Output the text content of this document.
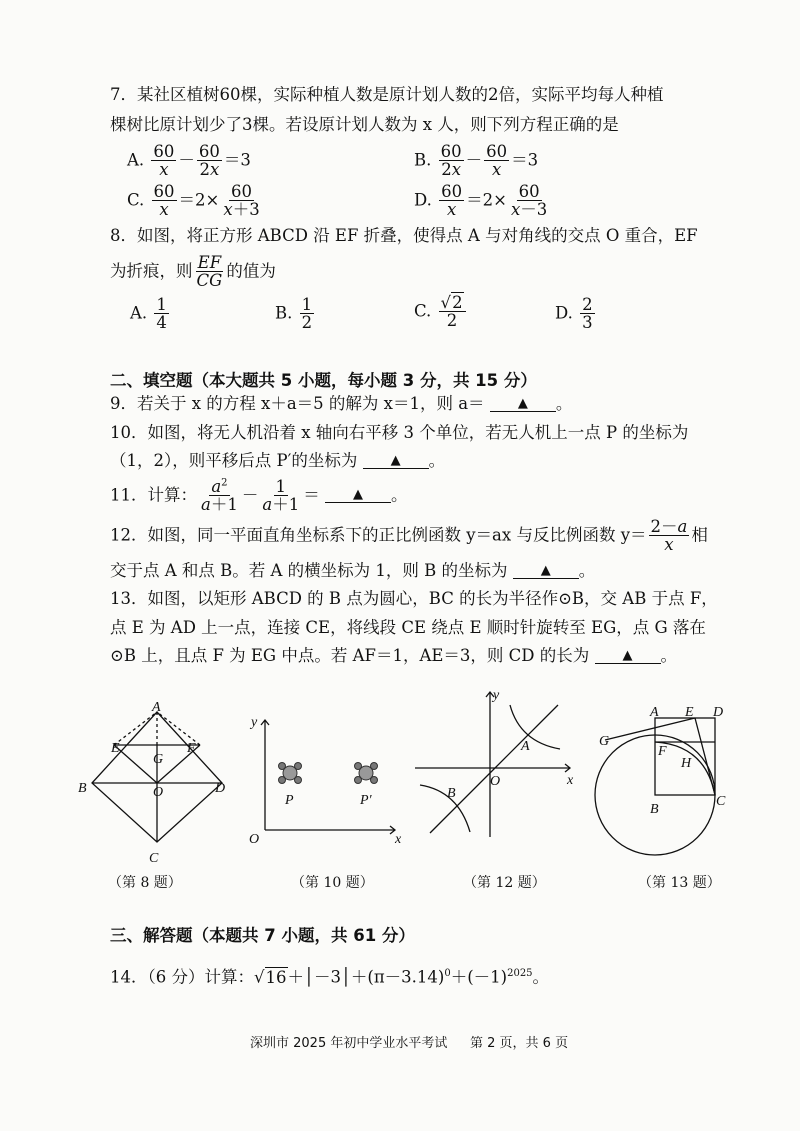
7．某社区植树60棵，实际种植人数是原计划人数的2倍，实际平均每人种植
棵树比原计划少了3棵。若设原计划人数为 x 人，则下列方程正确的是
A. $\frac{60}{x} - \frac{60}{2x} =3$	B. $\frac{60}{2x} - \frac{60}{x} =3$
C. $\frac{60}{x} =2\times \frac{60}{x+3}$	D. $\frac{60}{x} =2\times \frac{60}{x-3}$
8．如图，将正方形 ABCD 沿 EF 折叠，使得点 A 与对角线的交点 O 重合，EF
为折痕，则 $\frac{EF}{CG}$ 的值为
A. $\frac{1}{4}$	B. $\frac{1}{2}$	C. $\frac{√2}{2}$	D. $\frac{2}{3}$
二、填空题（本大题共 5 小题，每小题 3 分，共 15 分）
9．若关于 x 的方程 x＋a＝5 的解为 x＝1，则 a＝	▲ 。
10．如图，将无人机沿着 x 轴向右平移 3 个单位，若无人机上一点 P 的坐标为
（1，2），则平移后点 P′的坐标为	▲ 。
11．计算： $\frac{a^2}{a+1} - \frac{1}{a+1}$ ＝	▲ 。
12．如图，同一平面直角坐标系下的正比例函数 y＝ax 与反比例函数 $y= \frac{2-a}{x}$ 相
交于点 A 和点 B。若 A 的横坐标为 1，则 B 的坐标为	▲ 。
13．如图，以矩形 ABCD 的 B 点为圆心，BC 的长为半径作⊙B，交 AB 于点 F，
点 E 为 AD 上一点，连接 CE，将线段 CE 绕点 E 顺时针旋转至 EG，点 G 落在
⊙B 上，且点 F 为 EG 中点。若 AF＝1，AE＝3，则 CD 的长为	▲ 。
A
B
C
D
E	F
G
O
（第 8 题）
y
x
O
P	P′
（第 10 题）
y
x
O
A
B
（第 12 题）
A E D
G
F
H
B
C
（第 13 题）
三、解答题（本题共 7 小题，共 61 分）
14．（6 分）计算：$√16+│-3│+(\pi-3.14)^0+(-1)^{2025}$。
深圳市 2025 年初中学业水平考试 第 2 页，共 6 页
